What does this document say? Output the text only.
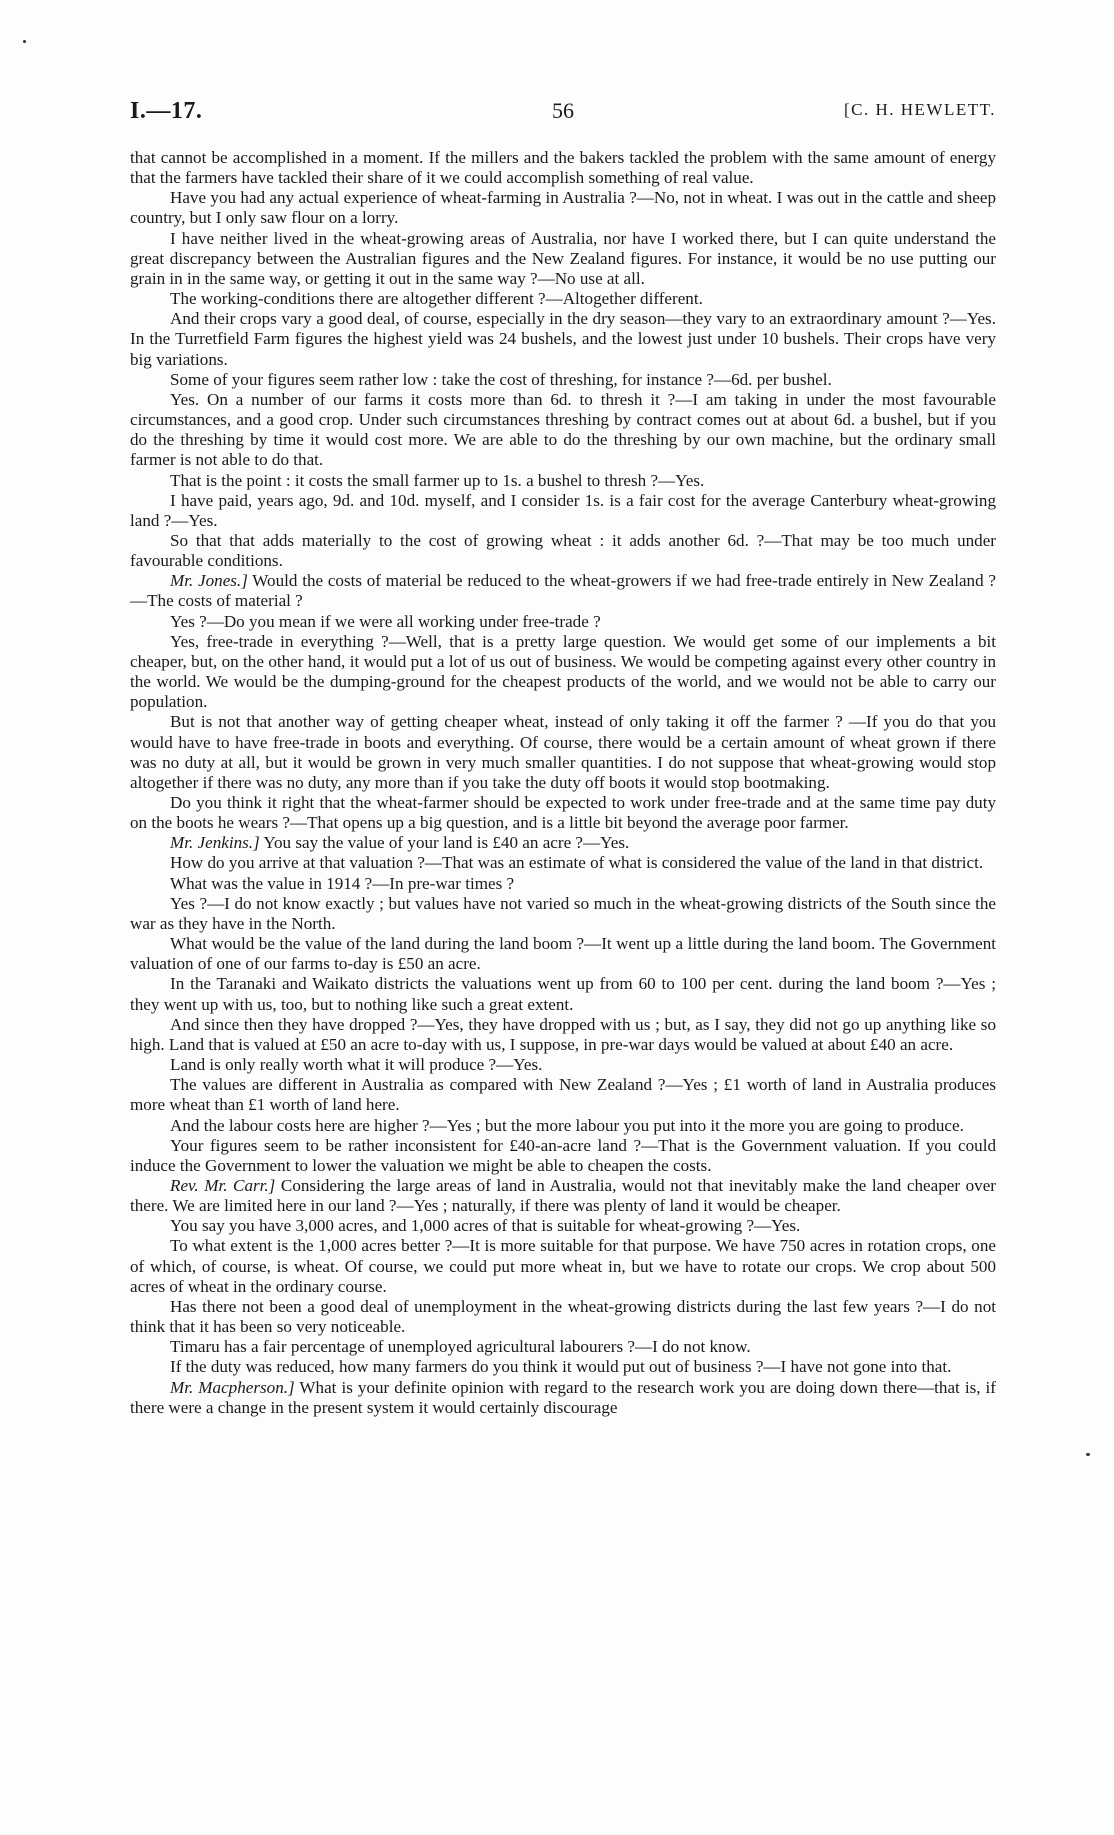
I.—17.	56	[C. H. HEWLETT.

that cannot be accomplished in a moment. If the millers and the bakers tackled the problem with the same amount of energy that the farmers have tackled their share of it we could accomplish something of real value.

Have you had any actual experience of wheat-farming in Australia ?—No, not in wheat. I was out in the cattle and sheep country, but I only saw flour on a lorry.

I have neither lived in the wheat-growing areas of Australia, nor have I worked there, but I can quite understand the great discrepancy between the Australian figures and the New Zealand figures. For instance, it would be no use putting our grain in in the same way, or getting it out in the same way ?—No use at all.

The working-conditions there are altogether different ?—Altogether different.

And their crops vary a good deal, of course, especially in the dry season—they vary to an extraordinary amount ?—Yes. In the Turretfield Farm figures the highest yield was 24 bushels, and the lowest just under 10 bushels. Their crops have very big variations.

Some of your figures seem rather low : take the cost of threshing, for instance ?—6d. per bushel.

Yes. On a number of our farms it costs more than 6d. to thresh it ?—I am taking in under the most favourable circumstances, and a good crop. Under such circumstances threshing by contract comes out at about 6d. a bushel, but if you do the threshing by time it would cost more. We are able to do the threshing by our own machine, but the ordinary small farmer is not able to do that.

That is the point : it costs the small farmer up to 1s. a bushel to thresh ?—Yes.

I have paid, years ago, 9d. and 10d. myself, and I consider 1s. is a fair cost for the average Canterbury wheat-growing land ?—Yes.

So that that adds materially to the cost of growing wheat : it adds another 6d. ?—That may be too much under favourable conditions.

Mr. Jones.] Would the costs of material be reduced to the wheat-growers if we had free-trade entirely in New Zealand ?—The costs of material ?

Yes ?—Do you mean if we were all working under free-trade ?

Yes, free-trade in everything ?—Well, that is a pretty large question. We would get some of our implements a bit cheaper, but, on the other hand, it would put a lot of us out of business. We would be competing against every other country in the world. We would be the dumping-ground for the cheapest products of the world, and we would not be able to carry our population.

But is not that another way of getting cheaper wheat, instead of only taking it off the farmer ? —If you do that you would have to have free-trade in boots and everything. Of course, there would be a certain amount of wheat grown if there was no duty at all, but it would be grown in very much smaller quantities. I do not suppose that wheat-growing would stop altogether if there was no duty, any more than if you take the duty off boots it would stop bootmaking.

Do you think it right that the wheat-farmer should be expected to work under free-trade and at the same time pay duty on the boots he wears ?—That opens up a big question, and is a little bit beyond the average poor farmer.

Mr. Jenkins.] You say the value of your land is £40 an acre ?—Yes.

How do you arrive at that valuation ?—That was an estimate of what is considered the value of the land in that district.

What was the value in 1914 ?—In pre-war times ?

Yes ?—I do not know exactly ; but values have not varied so much in the wheat-growing districts of the South since the war as they have in the North.

What would be the value of the land during the land boom ?—It went up a little during the land boom. The Government valuation of one of our farms to-day is £50 an acre.

In the Taranaki and Waikato districts the valuations went up from 60 to 100 per cent. during the land boom ?—Yes ; they went up with us, too, but to nothing like such a great extent.

And since then they have dropped ?—Yes, they have dropped with us ; but, as I say, they did not go up anything like so high. Land that is valued at £50 an acre to-day with us, I suppose, in pre-war days would be valued at about £40 an acre.

Land is only really worth what it will produce ?—Yes.

The values are different in Australia as compared with New Zealand ?—Yes ; £1 worth of land in Australia produces more wheat than £1 worth of land here.

And the labour costs here are higher ?—Yes ; but the more labour you put into it the more you are going to produce.

Your figures seem to be rather inconsistent for £40-an-acre land ?—That is the Government valuation. If you could induce the Government to lower the valuation we might be able to cheapen the costs.

Rev. Mr. Carr.] Considering the large areas of land in Australia, would not that inevitably make the land cheaper over there. We are limited here in our land ?—Yes ; naturally, if there was plenty of land it would be cheaper.

You say you have 3,000 acres, and 1,000 acres of that is suitable for wheat-growing ?—Yes.

To what extent is the 1,000 acres better ?—It is more suitable for that purpose. We have 750 acres in rotation crops, one of which, of course, is wheat. Of course, we could put more wheat in, but we have to rotate our crops. We crop about 500 acres of wheat in the ordinary course.

Has there not been a good deal of unemployment in the wheat-growing districts during the last few years ?—I do not think that it has been so very noticeable.

Timaru has a fair percentage of unemployed agricultural labourers ?—I do not know.

If the duty was reduced, how many farmers do you think it would put out of business ?—I have not gone into that.

Mr. Macpherson.] What is your definite opinion with regard to the research work you are doing down there—that is, if there were a change in the present system it would certainly discourage
